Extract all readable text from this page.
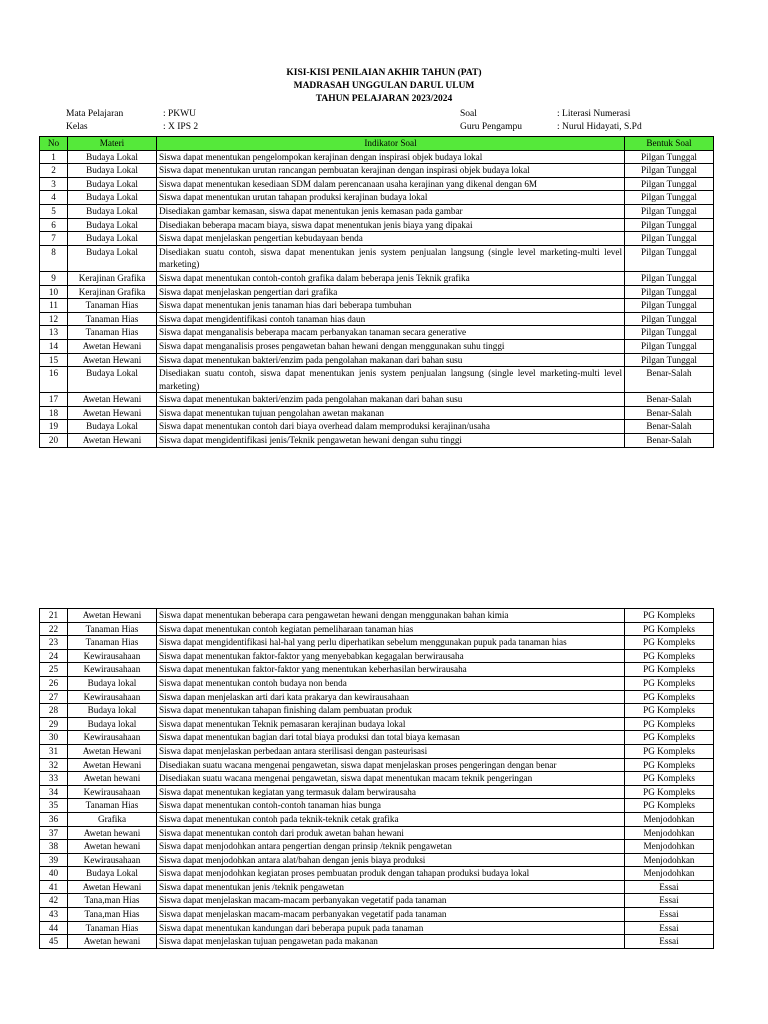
KISI-KISI PENILAIAN AKHIR TAHUN (PAT)
MADRASAH UNGGULAN DARUL ULUM
TAHUN PELAJARAN 2023/2024
Mata Pelajaran	: PKWU
Kelas	: X IPS 2
Soal	: Literasi Numerasi
Guru Pengampu	: Nurul Hidayati, S.Pd
No	Materi	Indikator Soal	Bentuk Soal
1	Budaya Lokal	Siswa dapat menentukan pengelompokan kerajinan dengan inspirasi objek budaya lokal	Pilgan Tunggal
2	Budaya Lokal	Siswa dapat menentukan urutan rancangan pembuatan kerajinan dengan inspirasi objek budaya lokal	Pilgan Tunggal
3	Budaya Lokal	Siswa dapat menentukan kesediaan SDM dalam perencanaan usaha kerajinan yang dikenal dengan 6M	Pilgan Tunggal
4	Budaya Lokal	Siswa dapat menentukan urutan tahapan produksi kerajinan budaya lokal	Pilgan Tunggal
5	Budaya Lokal	Disediakan gambar kemasan, siswa dapat menentukan jenis kemasan pada gambar	Pilgan Tunggal
6	Budaya Lokal	Disediakan beberapa macam biaya, siswa dapat menentukan jenis biaya yang dipakai	Pilgan Tunggal
7	Budaya Lokal	Siswa dapat menjelaskan pengertian kebudayaan benda	Pilgan Tunggal
8	Budaya Lokal	Disediakan suatu contoh, siswa dapat menentukan jenis system penjualan langsung (single level marketing-multi level marketing)	Pilgan Tunggal
9	Kerajinan Grafika	Siswa dapat menentukan contoh-contoh grafika dalam beberapa jenis Teknik grafika	Pilgan Tunggal
10	Kerajinan Grafika	Siswa dapat menjelaskan pengertian dari grafika	Pilgan Tunggal
11	Tanaman Hias	Siswa dapat menentukan jenis tanaman hias dari beberapa tumbuhan	Pilgan Tunggal
12	Tanaman Hias	Siswa dapat mengidentifikasi contoh tanaman hias daun	Pilgan Tunggal
13	Tanaman Hias	Siswa dapat menganalisis beberapa macam perbanyakan tanaman secara generative	Pilgan Tunggal
14	Awetan Hewani	Siswa dapat menganalisis proses pengawetan bahan hewani dengan menggunakan suhu tinggi	Pilgan Tunggal
15	Awetan Hewani	Siswa dapat menentukan bakteri/enzim pada pengolahan makanan dari bahan susu	Pilgan Tunggal
16	Budaya Lokal	Disediakan suatu contoh, siswa dapat menentukan jenis system penjualan langsung (single level marketing-multi level marketing)	Benar-Salah
17	Awetan Hewani	Siswa dapat menentukan bakteri/enzim pada pengolahan makanan dari bahan susu	Benar-Salah
18	Awetan Hewani	Siswa dapat menentukan tujuan pengolahan awetan makanan	Benar-Salah
19	Budaya Lokal	Siswa dapat menentukan contoh dari biaya overhead dalam memproduksi kerajinan/usaha	Benar-Salah
20	Awetan Hewani	Siswa dapat mengidentifikasi jenis/Teknik pengawetan hewani dengan suhu tinggi	Benar-Salah
21	Awetan Hewani	Siswa dapat menentukan beberapa cara pengawetan hewani dengan menggunakan bahan kimia	PG Kompleks
22	Tanaman Hias	Siswa dapat menentukan contoh kegiatan pemeliharaan tanaman hias	PG Kompleks
23	Tanaman Hias	Siswa dapat mengidentifikasi hal-hal yang perlu diperhatikan sebelum menggunakan pupuk pada tanaman hias	PG Kompleks
24	Kewirausahaan	Siswa dapat menentukan faktor-faktor yang menyebabkan kegagalan berwirausaha	PG Kompleks
25	Kewirausahaan	Siswa dapat menentukan faktor-faktor yang menentukan keberhasilan berwirausaha	PG Kompleks
26	Budaya lokal	Siswa dapat menentukan contoh budaya non benda	PG Kompleks
27	Kewirausahaan	Siswa dapan menjelaskan arti dari kata prakarya dan kewirausahaan	PG Kompleks
28	Budaya lokal	Siswa dapat menentukan tahapan finishing dalam pembuatan produk	PG Kompleks
29	Budaya lokal	Siswa dapat menentukan Teknik pemasaran kerajinan budaya lokal	PG Kompleks
30	Kewirausahaan	Siswa dapat menentukan bagian dari total biaya produksi dan total biaya kemasan	PG Kompleks
31	Awetan Hewani	Siswa dapat menjelaskan perbedaan antara sterilisasi dengan pasteurisasi	PG Kompleks
32	Awetan Hewani	Disediakan suatu wacana mengenai pengawetan, siswa dapat menjelaskan proses pengeringan dengan benar	PG Kompleks
33	Awetan hewani	Disediakan suatu wacana mengenai pengawetan, siswa dapat menentukan macam teknik pengeringan	PG Kompleks
34	Kewirausahaan	Siswa dapat menentukan kegiatan yang termasuk dalam berwirausaha	PG Kompleks
35	Tanaman Hias	Siswa dapat menentukan contoh-contoh tanaman hias bunga	PG Kompleks
36	Grafika	Siswa dapat menentukan contoh pada teknik-teknik cetak grafika	Menjodohkan
37	Awetan hewani	Siswa dapat menentukan contoh dari produk awetan bahan hewani	Menjodohkan
38	Awetan hewani	Siswa dapat menjodohkan antara pengertian dengan prinsip /teknik pengawetan	Menjodohkan
39	Kewirausahaan	Siswa dapat menjodohkan antara alat/bahan dengan jenis biaya produksi	Menjodohkan
40	Budaya Lokal	Siswa dapat menjodohkan kegiatan proses pembuatan produk dengan tahapan produksi budaya lokal	Menjodohkan
41	Awetan Hewani	Siswa dapat menentukan jenis /teknik pengawetan	Essai
42	Tana,man Hias	Siswa dapat menjelaskan macam-macam perbanyakan vegetatif pada tanaman	Essai
43	Tana,man Hias	Siswa dapat menjelaskan macam-macam perbanyakan vegetatif pada tanaman	Essai
44	Tanaman Hias	Siswa dapat menentukan kandungan dari beberapa pupuk pada tanaman	Essai
45	Awetan hewani	Siswa dapat menjelaskan tujuan pengawetan pada makanan	Essai
